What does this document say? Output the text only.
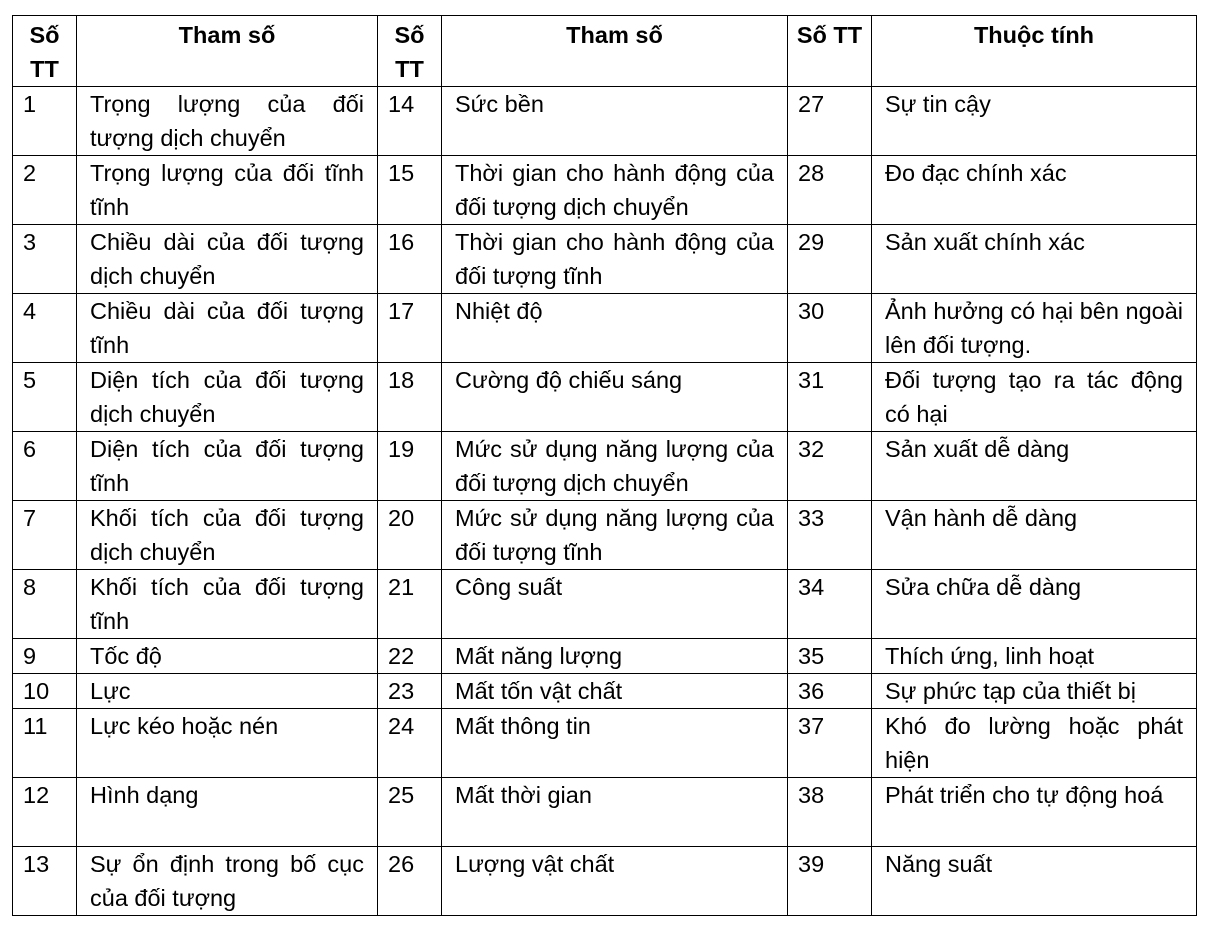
Số TT	Tham số	Số TT	Tham số	Số TT	Thuộc tính
1	Trọng lượng của đối tượng dịch chuyển	14	Sức bền	27	Sự tin cậy
2	Trọng lượng của đối tĩnh tĩnh	15	Thời gian cho hành động của đối tượng dịch chuyển	28	Đo đạc chính xác
3	Chiều dài của đối tượng dịch chuyển	16	Thời gian cho hành động của đối tượng tĩnh	29	Sản xuất chính xác
4	Chiều dài của đối tượng tĩnh	17	Nhiệt độ	30	Ảnh hưởng có hại bên ngoài lên đối tượng.
5	Diện tích của đối tượng dịch chuyển	18	Cường độ chiếu sáng	31	Đối tượng tạo ra tác động có hại
6	Diện tích của đối tượng tĩnh	19	Mức sử dụng năng lượng của đối tượng dịch chuyển	32	Sản xuất dễ dàng
7	Khối tích của đối tượng dịch chuyển	20	Mức sử dụng năng lượng của đối tượng tĩnh	33	Vận hành dễ dàng
8	Khối tích của đối tượng tĩnh	21	Công suất	34	Sửa chữa dễ dàng
9	Tốc độ	22	Mất năng lượng	35	Thích ứng, linh hoạt
10	Lực	23	Mất tốn vật chất	36	Sự phức tạp của thiết bị
11	Lực kéo hoặc nén	24	Mất thông tin	37	Khó đo lường hoặc phát hiện
12	Hình dạng	25	Mất thời gian	38	Phát triển cho tự động hoá
13	Sự ổn định trong bố cục của đối tượng	26	Lượng vật chất	39	Năng suất
